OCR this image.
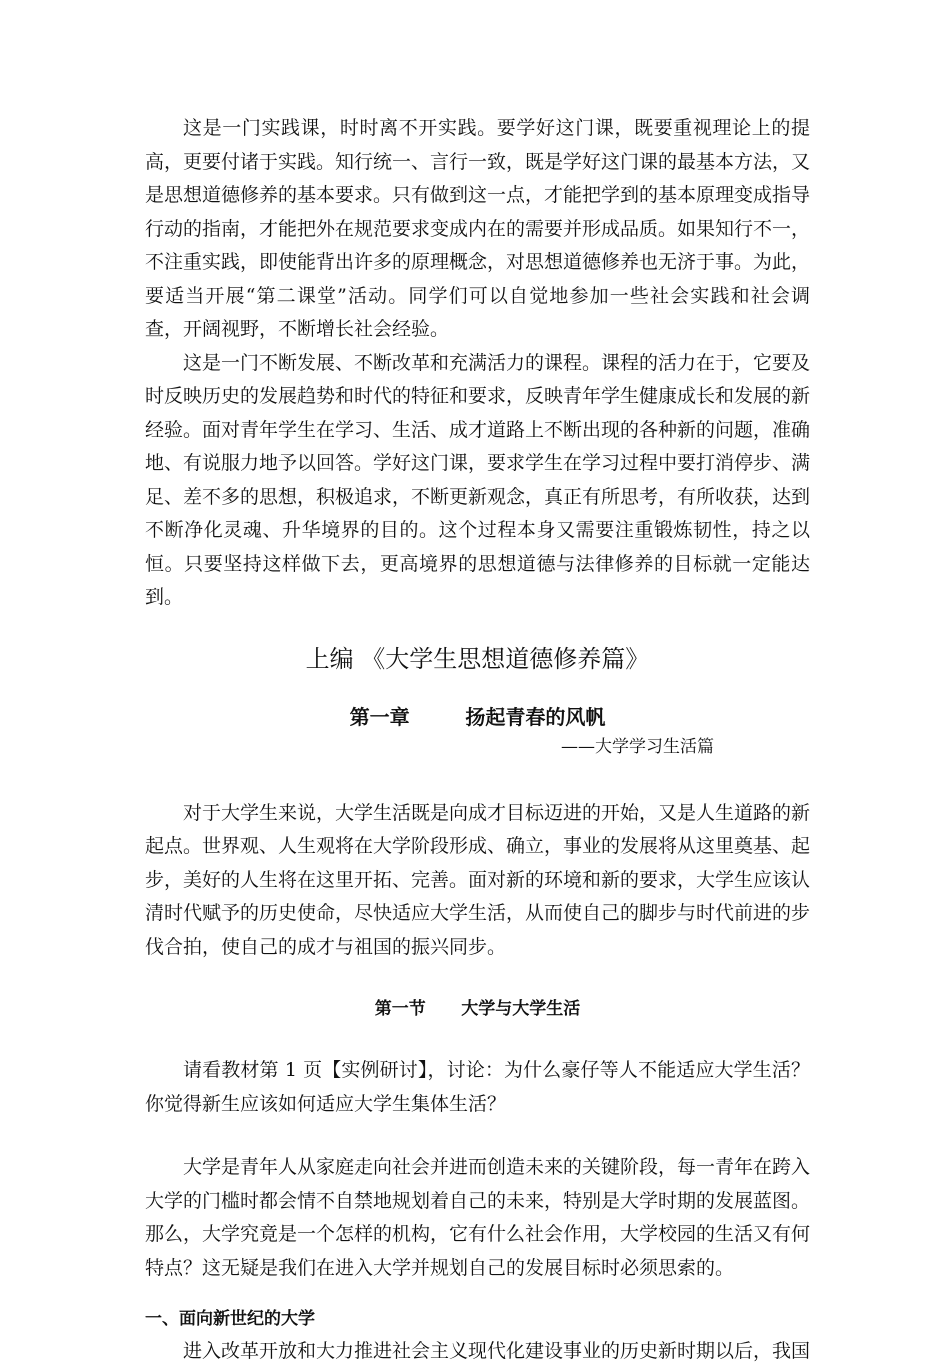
这是一门实践课，时时离不开实践。要学好这门课，既要重视理论上的提高，更要付诸于实践。知行统一、言行一致，既是学好这门课的最基本方法，又是思想道德修养的基本要求。只有做到这一点，才能把学到的基本原理变成指导行动的指南，才能把外在规范要求变成内在的需要并形成品质。如果知行不一，不注重实践，即使能背出许多的原理概念，对思想道德修养也无济于事。为此，要适当开展“第二课堂”活动。同学们可以自觉地参加一些社会实践和社会调查，开阔视野，不断增长社会经验。

这是一门不断发展、不断改革和充满活力的课程。课程的活力在于，它要及时反映历史的发展趋势和时代的特征和要求，反映青年学生健康成长和发展的新经验。面对青年学生在学习、生活、成才道路上不断出现的各种新的问题，准确地、有说服力地予以回答。学好这门课，要求学生在学习过程中要打消停步、满足、差不多的思想，积极追求，不断更新观念，真正有所思考，有所收获，达到不断净化灵魂、升华境界的目的。这个过程本身又需要注重锻炼韧性，持之以恒。只要坚持这样做下去，更高境界的思想道德与法律修养的目标就一定能达到。

上编 《大学生思想道德修养篇》
第一章        扬起青春的风帆

——大学学习生活篇

对于大学生来说，大学生活既是向成才目标迈进的开始，又是人生道路的新起点。世界观、人生观将在大学阶段形成、确立，事业的发展将从这里奠基、起步，美好的人生将在这里开拓、完善。面对新的环境和新的要求，大学生应该认清时代赋予的历史使命，尽快适应大学生活，从而使自己的脚步与时代前进的步伐合拍，使自己的成才与祖国的振兴同步。

第一节      大学与大学生活

请看教材第 1 页【实例研讨】，讨论：为什么豪仔等人不能适应大学生活？你觉得新生应该如何适应大学生集体生活？

大学是青年人从家庭走向社会并进而创造未来的关键阶段，每一青年在跨入大学的门槛时都会情不自禁地规划着自己的未来，特别是大学时期的发展蓝图。那么，大学究竟是一个怎样的机构，它有什么社会作用，大学校园的生活又有何特点？这无疑是我们在进入大学并规划自己的发展目标时必须思索的。

一、面向新世纪的大学

进入改革开放和大力推进社会主义现代化建设事业的历史新时期以后，我国
